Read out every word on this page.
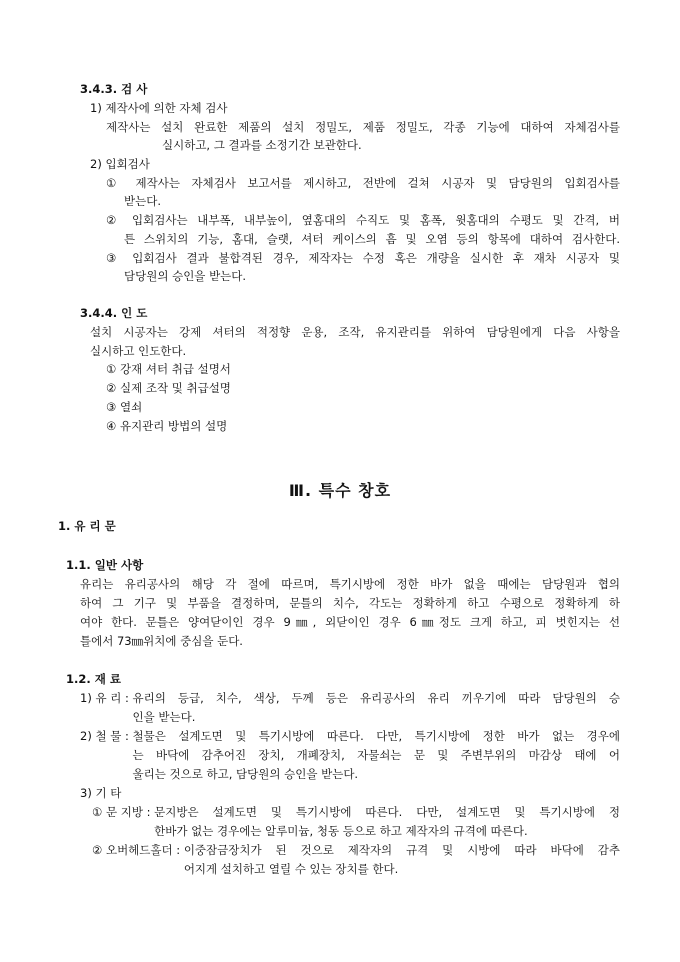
3.4.3. 검 사
1) 제작사에 의한 자체 검사
제작사는 설치 완료한 제품의 설치 정밀도, 제품 정밀도, 각종 기능에 대하여 자체검사를
실시하고, 그 결과를 소정기간 보관한다.
2) 입회검사
① 제작사는 자체검사 보고서를 제시하고, 전반에 걸쳐 시공자 및 담당원의 입회검사를
받는다.
② 입회검사는 내부폭, 내부높이, 옆홈대의 수직도 및 홈폭, 윗홈대의 수평도 및 간격, 버
튼 스위치의 기능, 홈대, 슬랫, 셔터 케이스의 흠 및 오염 등의 항목에 대하여 검사한다.
③ 입회검사 결과 불합격된 경우, 제작자는 수정 혹은 개량을 실시한 후 재차 시공자 및
담당원의 승인을 받는다.
3.4.4. 인 도
설치 시공자는 강제 셔터의 적정향 운용, 조작, 유지관리를 위하여 담당원에게 다음 사항을
실시하고 인도한다.
① 강재 셔터 취급 설명서
② 실제 조작 및 취급설명
③ 열쇠
④ 유지관리 방법의 설명
Ⅲ. 특수 창호
1. 유 리 문
1.1. 일반 사항
유리는 유리공사의 해당 각 절에 따르며, 특기시방에 정한 바가 없을 때에는 담당원과 협의
하여 그 기구 및 부품을 결정하며, 문틀의 치수, 각도는 정확하게 하고 수평으로 정확하게 하
여야 한다. 문틀은 양여닫이인 경우 9㎜, 외닫이인 경우 6㎜정도 크게 하고, 피 벗힌지는 선
틀에서 73㎜위치에 중심을 둔다.
1.2. 재 료
1) 유 리 : 유리의 등급, 치수, 색상, 두께 등은 유리공사의 유리 끼우기에 따라 담당원의 승
인을 받는다.
2) 철 물 : 철물은 설계도면 및 특기시방에 따른다. 다만, 특기시방에 정한 바가 없는 경우에
는 바닥에 감추어진 장치, 개폐장치, 자물쇠는 문 및 주변부위의 마감상 태에 어
울리는 것으로 하고, 담당원의 승인을 받는다.
3) 기 타
① 문 지방 : 문지방은 설계도면 및 특기시방에 따른다. 다만, 설계도면 및 특기시방에 정
한바가 없는 경우에는 알루미늄, 청동 등으로 하고 제작자의 규격에 따른다.
② 오버헤드홀더 : 이중잠금장치가 된 것으로 제작자의 규격 및 시방에 따라 바닥에 감추
어지게 설치하고 열릴 수 있는 장치를 한다.
